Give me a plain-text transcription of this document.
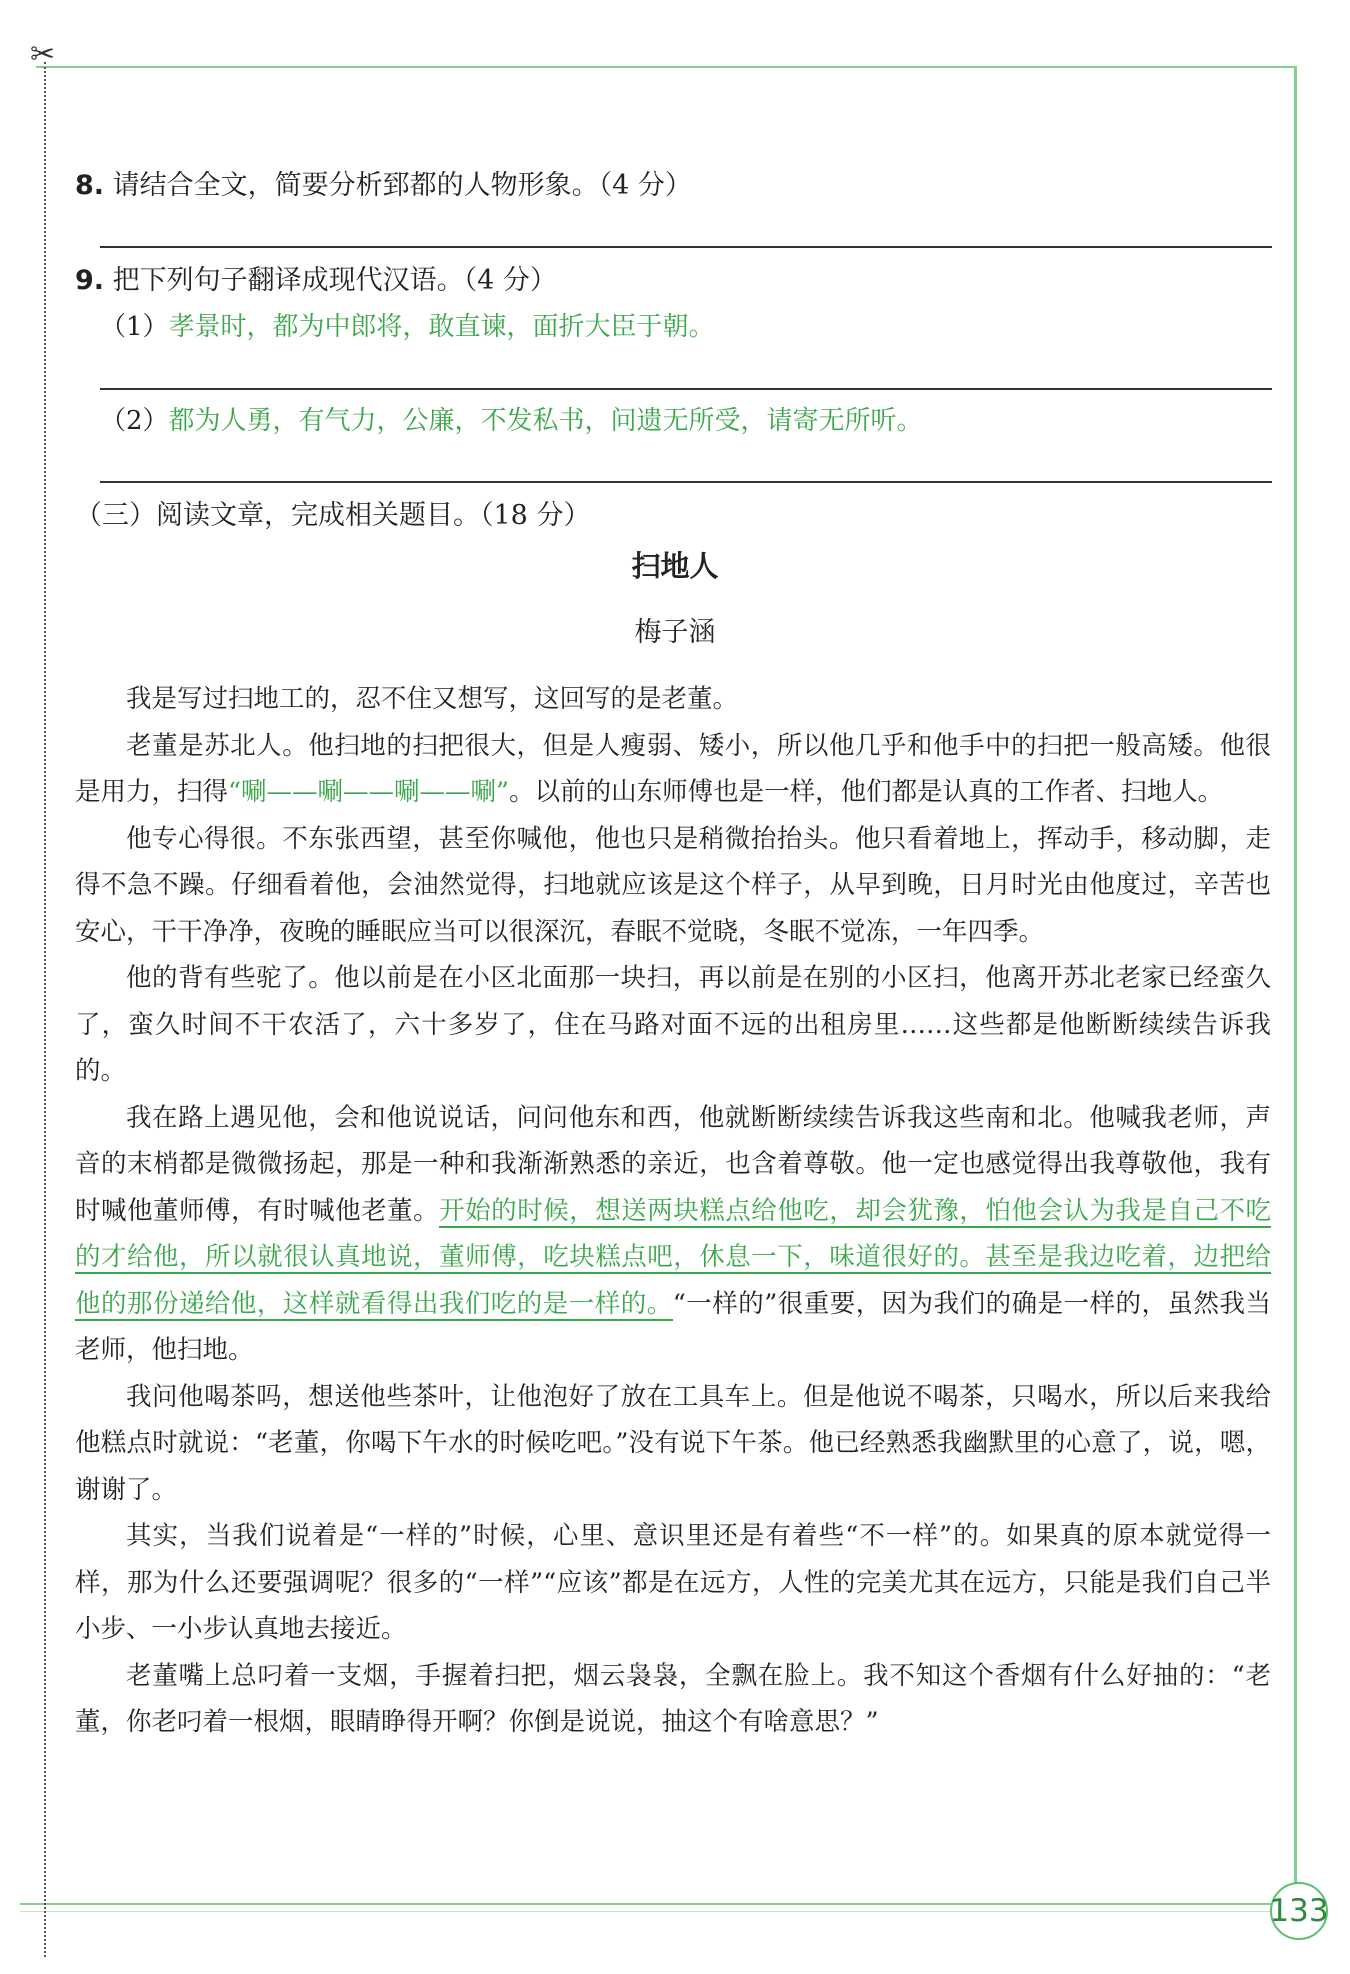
✂
8. 请结合全文，简要分析郅都的人物形象。（4 分）
9. 把下列句子翻译成现代汉语。（4 分）
（1）孝景时，都为中郎将，敢直谏，面折大臣于朝。
（2）都为人勇，有气力，公廉，不发私书，问遗无所受，请寄无所听。
（三）阅读文章，完成相关题目。（18 分）
扫地人
梅子涵

我是写过扫地工的，忍不住又想写，这回写的是老董。

老董是苏北人。他扫地的扫把很大，但是人瘦弱、矮小，所以他几乎和他手中的扫把一般高矮。他很是用力，扫得“唰——唰——唰——唰”。以前的山东师傅也是一样，他们都是认真的工作者、扫地人。

他专心得很。不东张西望，甚至你喊他，他也只是稍微抬抬头。他只看着地上，挥动手，移动脚，走得不急不躁。仔细看着他，会油然觉得，扫地就应该是这个样子，从早到晚，日月时光由他度过，辛苦也安心，干干净净，夜晚的睡眠应当可以很深沉，春眠不觉晓，冬眠不觉冻，一年四季。

他的背有些驼了。他以前是在小区北面那一块扫，再以前是在别的小区扫，他离开苏北老家已经蛮久了，蛮久时间不干农活了，六十多岁了，住在马路对面不远的出租房里……这些都是他断断续续告诉我的。

我在路上遇见他，会和他说说话，问问他东和西，他就断断续续告诉我这些南和北。他喊我老师，声音的末梢都是微微扬起，那是一种和我渐渐熟悉的亲近，也含着尊敬。他一定也感觉得出我尊敬他，我有时喊他董师傅，有时喊他老董。开始的时候，想送两块糕点给他吃，却会犹豫，怕他会认为我是自己不吃的才给他，所以就很认真地说，董师傅，吃块糕点吧，休息一下，味道很好的。甚至是我边吃着，边把给他的那份递给他，这样就看得出我们吃的是一样的。“一样的”很重要，因为我们的确是一样的，虽然我当老师，他扫地。

我问他喝茶吗，想送他些茶叶，让他泡好了放在工具车上。但是他说不喝茶，只喝水，所以后来我给他糕点时就说：“老董，你喝下午水的时候吃吧。”没有说下午茶。他已经熟悉我幽默里的心意了，说，嗯，谢谢了。

其实，当我们说着是“一样的”时候，心里、意识里还是有着些“不一样”的。如果真的原本就觉得一样，那为什么还要强调呢？很多的“一样”“应该”都是在远方，人性的完美尤其在远方，只能是我们自己半小步、一小步认真地去接近。

老董嘴上总叼着一支烟，手握着扫把，烟云袅袅，全飘在脸上。我不知这个香烟有什么好抽的：“老董，你老叼着一根烟，眼睛睁得开啊？你倒是说说，抽这个有啥意思？”

133
